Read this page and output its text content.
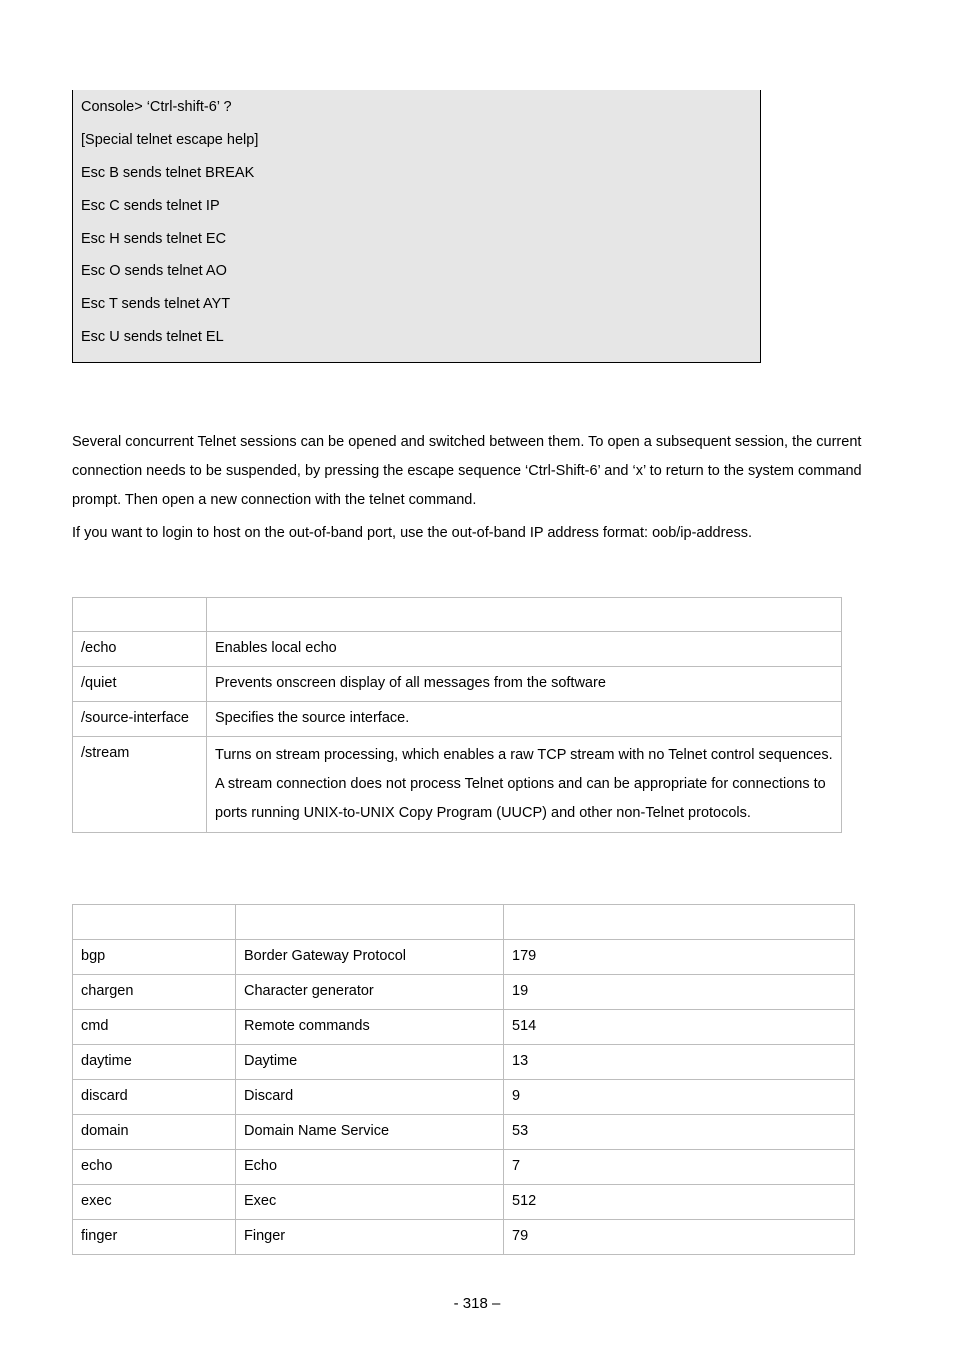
Console> ‘Ctrl-shift-6’ ?
[Special telnet escape help]
Esc B sends telnet BREAK
Esc C sends telnet IP
Esc H sends telnet EC
Esc O sends telnet AO
Esc T sends telnet AYT
Esc U sends telnet EL
Several concurrent Telnet sessions can be opened and switched between them. To open a subsequent session, the current connection needs to be suspended, by pressing the escape sequence ‘Ctrl-Shift-6’ and ‘x’ to return to the system command prompt. Then open a new connection with the telnet command.
If you want to login to host on the out-of-band port, use the out-of-band IP address format: oob/ip-address.

/echo	Enables local echo
/quiet	Prevents onscreen display of all messages from the software
/source-interface	Specifies the source interface.
/stream	Turns on stream processing, which enables a raw TCP stream with no Telnet control sequences. A stream connection does not process Telnet options and can be appropriate for connections to ports running UNIX-to-UNIX Copy Program (UUCP) and other non-Telnet protocols.

bgp	Border Gateway Protocol	179
chargen	Character generator	19
cmd	Remote commands	514
daytime	Daytime	13
discard	Discard	9
domain	Domain Name Service	53
echo	Echo	7
exec	Exec	512
finger	Finger	79
- 318 –
